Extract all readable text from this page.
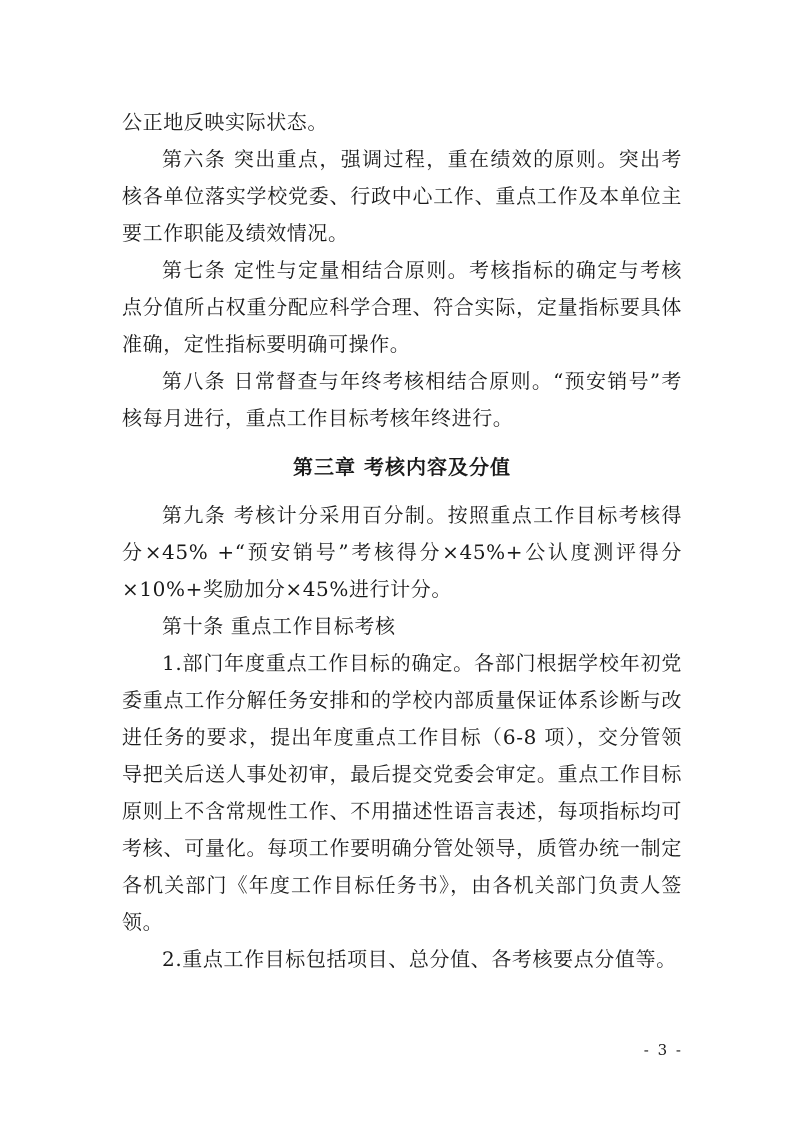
公正地反映实际状态。

第六条 突出重点，强调过程，重在绩效的原则。突出考核各单位落实学校党委、行政中心工作、重点工作及本单位主要工作职能及绩效情况。

第七条 定性与定量相结合原则。考核指标的确定与考核点分值所占权重分配应科学合理、符合实际，定量指标要具体准确，定性指标要明确可操作。

第八条 日常督查与年终考核相结合原则。“预安销号”考核每月进行，重点工作目标考核年终进行。

第三章 考核内容及分值

第九条 考核计分采用百分制。按照重点工作目标考核得分×45% +“预安销号”考核得分×45%+公认度测评得分×10%+奖励加分×45%进行计分。

第十条 重点工作目标考核

1.部门年度重点工作目标的确定。各部门根据学校年初党委重点工作分解任务安排和的学校内部质量保证体系诊断与改进任务的要求，提出年度重点工作目标（6-8 项），交分管领导把关后送人事处初审，最后提交党委会审定。重点工作目标原则上不含常规性工作、不用描述性语言表述，每项指标均可考核、可量化。每项工作要明确分管处领导，质管办统一制定各机关部门《年度工作目标任务书》，由各机关部门负责人签领。

2.重点工作目标包括项目、总分值、各考核要点分值等。

- 3 -
